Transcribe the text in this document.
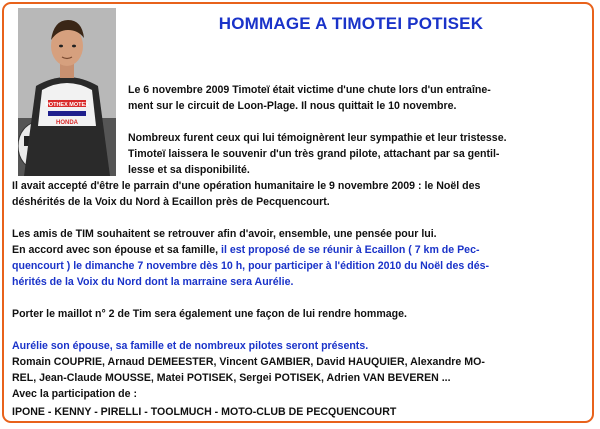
POTHEX MOTEX
HONDA
HOMMAGE A TIMOTEI POTISEK
Le 6 novembre 2009 Timoteï était victime d'une chute lors d'un entraîne-
ment sur le circuit de Loon-Plage. Il nous quittait le 10 novembre.
Nombreux furent ceux qui lui témoignèrent leur sympathie et leur tristesse.
Timoteï laissera le souvenir d'un très grand pilote, attachant par sa gentil-
lesse et sa disponibilité.
Il avait accepté d'être le parrain d'une opération humanitaire le 9 novembre 2009 : le Noël des
déshérités de la Voix du Nord à Ecaillon près de Pecquencourt.
Les amis de TIM souhaitent se retrouver afin d'avoir, ensemble, une pensée pour lui.
En accord avec son épouse et sa famille, il est proposé de se réunir à Ecaillon ( 7 km de Pec-
quencourt ) le dimanche 7 novembre dès 10 h, pour participer à l'édition 2010 du Noël des dés-
hérités de la Voix du Nord dont la marraine sera Aurélie.
Porter le maillot n° 2 de Tim sera également une façon de lui rendre hommage.
Aurélie son épouse, sa famille et de nombreux pilotes seront présents.
Romain COUPRIE, Arnaud DEMEESTER, Vincent GAMBIER, David HAUQUIER, Alexandre MO-
REL, Jean-Claude MOUSSE, Matei POTISEK, Sergei POTISEK, Adrien VAN BEVEREN ...
Avec la participation de :
IPONE - KENNY - PIRELLI - TOOLMUCH - MOTO-CLUB DE PECQUENCOURT
